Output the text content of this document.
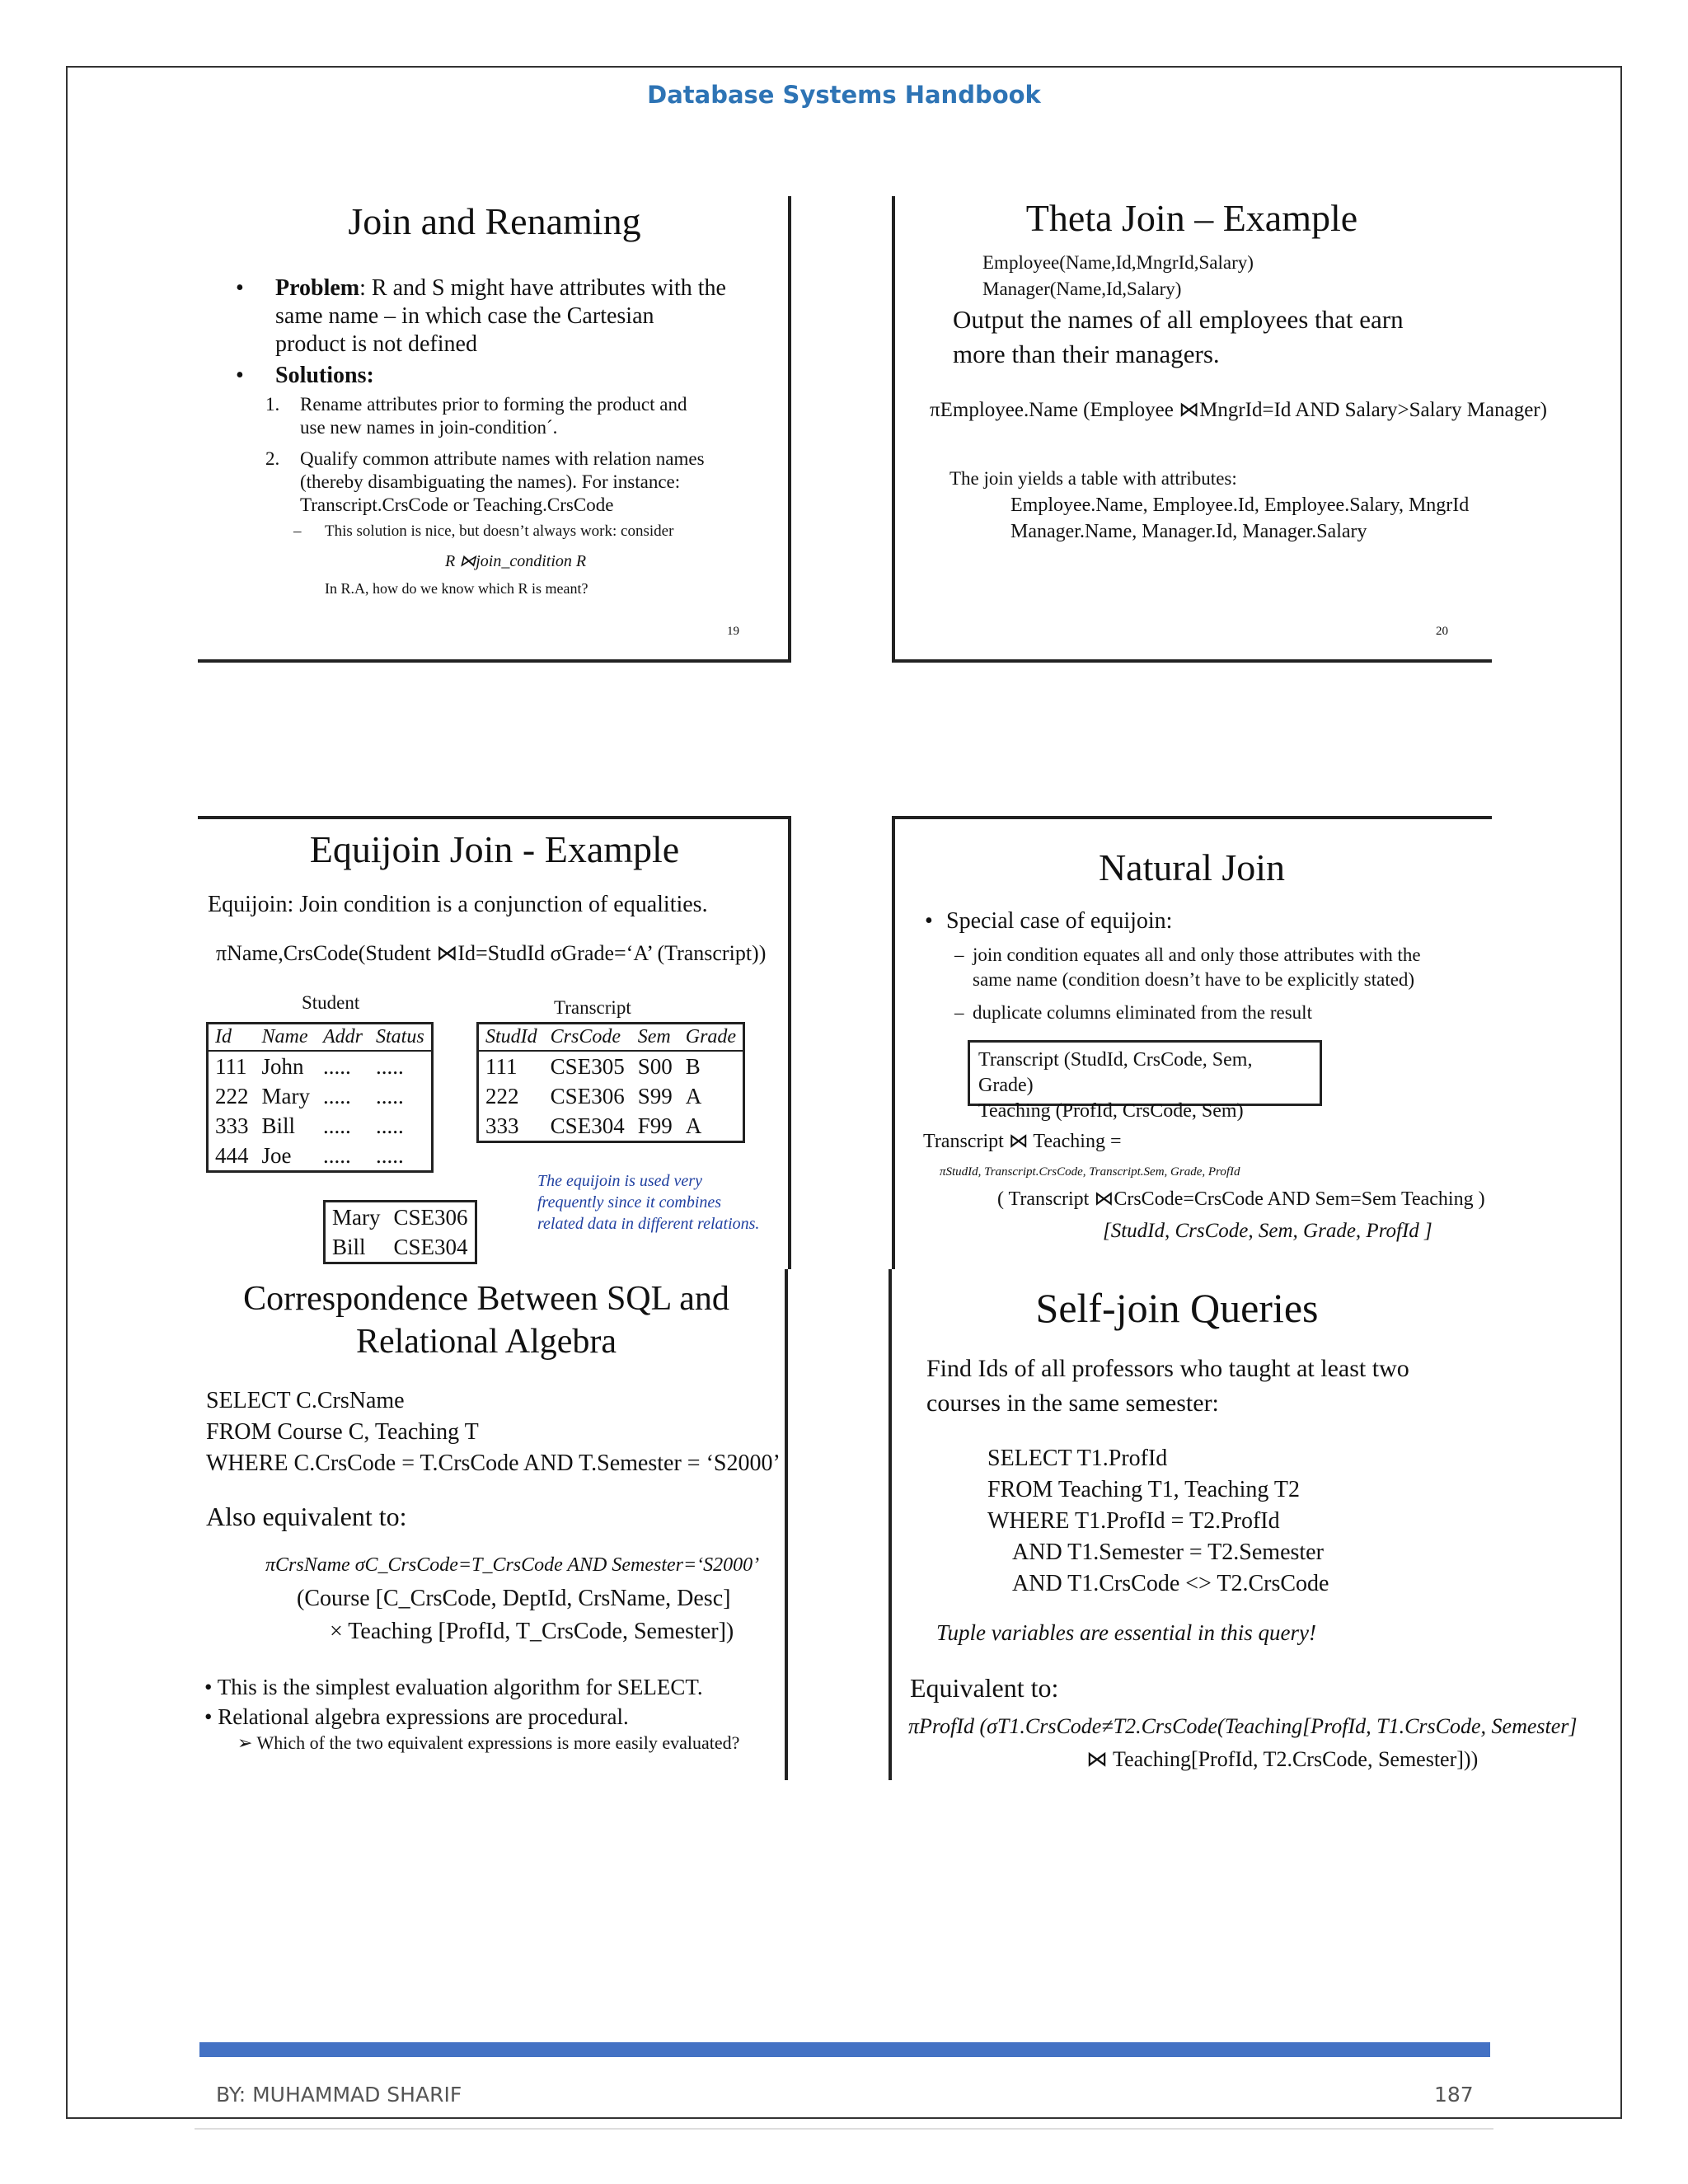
Database Systems Handbook
Join and Renaming
• Problem: R and S might have attributes with the
same name – in which case the Cartesian
product is not defined
• Solutions:
1. Rename attributes prior to forming the product and
use new names in join-condition´.
2. Qualify common attribute names with relation names
(thereby disambiguating the names). For instance:
Transcript.CrsCode or Teaching.CrsCode
– This solution is nice, but doesn’t always work: consider
R ⋈join_condition R
In R.A, how do we know which R is meant?
19
Theta Join – Example
Employee(Name,Id,MngrId,Salary)
Manager(Name,Id,Salary)
Output the names of all employees that earn
more than their managers.
πEmployee.Name (Employee ⋈MngrId=Id AND Salary>Salary Manager)
The join yields a table with attributes:
Employee.Name, Employee.Id, Employee.Salary, MngrId
Manager.Name, Manager.Id, Manager.Salary
20
Equijoin Join - Example
Equijoin: Join condition is a conjunction of equalities.
πName,CrsCode(Student ⋈Id=StudId σGrade=‘A’ (Transcript))
Student	Transcript
Id	Name	Addr	Status
111	John	.....	.....
222	Mary	.....	.....
333	Bill	.....	.....
444	Joe	.....	.....
StudId	CrsCode	Sem	Grade
111	CSE305	S00	B
222	CSE306	S99	A
333	CSE304	F99	A
Mary	CSE306
Bill	CSE304
The equijoin is used very
frequently since it combines
related data in different relations.
Natural Join
• Special case of equijoin:
– join condition equates all and only those attributes with the
same name (condition doesn’t have to be explicitly stated)
– duplicate columns eliminated from the result
Transcript (StudId, CrsCode, Sem, Grade)
Teaching (ProfId, CrsCode, Sem)
Transcript ⋈ Teaching =
πStudId, Transcript.CrsCode, Transcript.Sem, Grade, ProfId
( Transcript ⋈CrsCode=CrsCode AND Sem=Sem Teaching )
[StudId, CrsCode, Sem, Grade, ProfId ]
Correspondence Between SQL and
Relational Algebra
SELECT C.CrsName
FROM Course C, Teaching T
WHERE C.CrsCode = T.CrsCode AND T.Semester = ‘S2000’
Also equivalent to:
πCrsName σC_CrsCode=T_CrsCode AND Semester=‘S2000’
(Course [C_CrsCode, DeptId, CrsName, Desc]
× Teaching [ProfId, T_CrsCode, Semester])
• This is the simplest evaluation algorithm for SELECT.
• Relational algebra expressions are procedural.
➢ Which of the two equivalent expressions is more easily evaluated?
Self-join Queries
Find Ids of all professors who taught at least two
courses in the same semester:
SELECT T1.ProfId
FROM Teaching T1, Teaching T2
WHERE T1.ProfId = T2.ProfId
AND T1.Semester = T2.Semester
AND T1.CrsCode <> T2.CrsCode
Tuple variables are essential in this query!
Equivalent to:
πProfId (σT1.CrsCode≠T2.CrsCode(Teaching[ProfId, T1.CrsCode, Semester]
⋈ Teaching[ProfId, T2.CrsCode, Semester]))
BY: MUHAMMAD SHARIF	187
